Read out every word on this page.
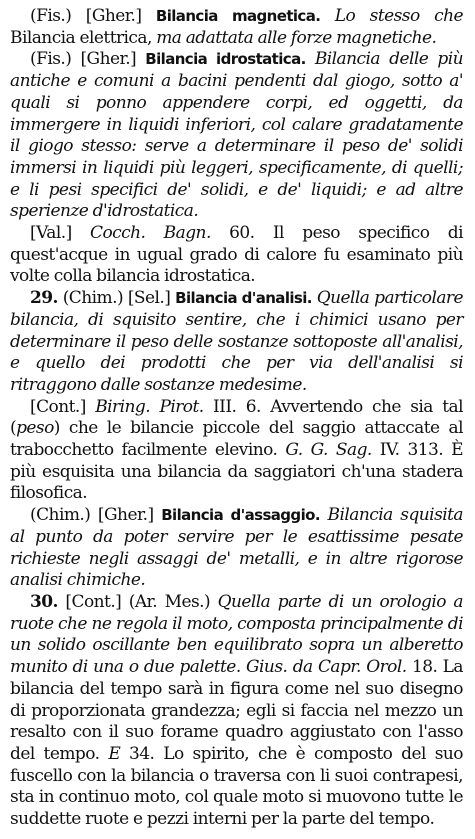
(Fis.) [Gher.] Bilancia magnetica. Lo stesso che Bilancia elettrica, ma adattata alle forze magnetiche.

(Fis.) [Gher.] Bilancia idrostatica. Bilancia delle più antiche e comuni a bacini pendenti dal giogo, sotto a' quali si ponno appendere corpi, ed oggetti, da immergere in liquidi inferiori, col calare gradatamente il giogo stesso: serve a determinare il peso de' solidi immersi in liquidi più leggeri, specificamente, di quelli; e li pesi specifici de' solidi, e de' liquidi; e ad altre sperienze d'idrostatica.

[Val.] Cocch. Bagn. 60. Il peso specifico di quest'acque in ugual grado di calore fu esaminato più volte colla bilancia idrostatica.

29. (Chim.) [Sel.] Bilancia d'analisi. Quella particolare bilancia, di squisito sentire, che i chimici usano per determinare il peso delle sostanze sottoposte all'analisi, e quello dei prodotti che per via dell'analisi si ritraggono dalle sostanze medesime.

[Cont.] Biring. Pirot. III. 6. Avvertendo che sia tal (peso) che le bilancie piccole del saggio attaccate al trabocchetto facilmente elevino. G. G. Sag. IV. 313. È più esquisita una bilancia da saggiatori ch'una stadera filosofica.

(Chim.) [Gher.] Bilancia d'assaggio. Bilancia squisita al punto da poter servire per le esattissime pesate richieste negli assaggi de' metalli, e in altre rigorose analisi chimiche.

30. [Cont.] (Ar. Mes.) Quella parte di un orologio a ruote che ne regola il moto, composta principalmente di un solido oscillante ben equilibrato sopra un alberetto munito di una o due palette. Gius. da Capr. Orol. 18. La bilancia del tempo sarà in figura come nel suo disegno di proporzionata grandezza; egli si faccia nel mezzo un resalto con il suo forame quadro aggiustato con l'asso del tempo. E 34. Lo spirito, che è composto del suo fuscello con la bilancia o traversa con li suoi contrapesi, sta in continuo moto, col quale moto si muovono tutte le suddette ruote e pezzi interni per la parte del tempo.
